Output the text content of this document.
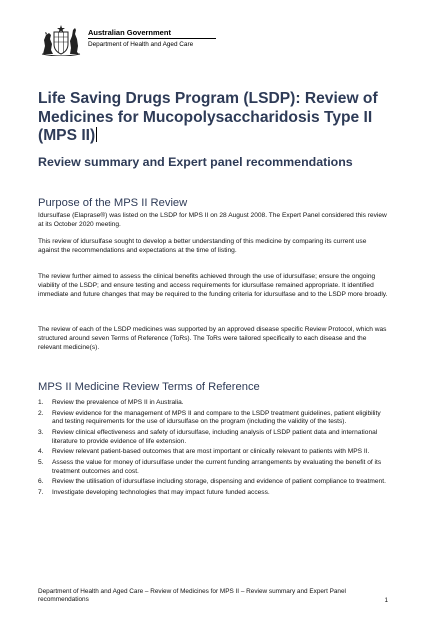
Australian Government
Department of Health and Aged Care
Life Saving Drugs Program (LSDP): Review of Medicines for Mucopolysaccharidosis Type II (MPS II)
Review summary and Expert panel recommendations
Purpose of the MPS II Review

Idursulfase (Elaprase®) was listed on the LSDP for MPS II on 28 August 2008. The Expert Panel considered this review at its October 2020 meeting.

This review of idursulfase sought to develop a better understanding of this medicine by comparing its current use against the recommendations and expectations at the time of listing.

The review further aimed to assess the clinical benefits achieved through the use of idursulfase; ensure the ongoing viability of the LSDP; and ensure testing and access requirements for idursulfase remained appropriate. It identified immediate and future changes that may be required to the funding criteria for idursulfase and to the LSDP more broadly.

The review of each of the LSDP medicines was supported by an approved disease specific Review Protocol, which was structured around seven Terms of Reference (ToRs). The ToRs were tailored specifically to each disease and the relevant medicine(s).

MPS II Medicine Review Terms of Reference
1. Review the prevalence of MPS II in Australia.
2. Review evidence for the management of MPS II and compare to the LSDP treatment guidelines, patient eligibility and testing requirements for the use of idursulfase on the program (including the validity of the tests).
3. Review clinical effectiveness and safety of idursulfase, including analysis of LSDP patient data and international literature to provide evidence of life extension.
4. Review relevant patient-based outcomes that are most important or clinically relevant to patients with MPS II.
5. Assess the value for money of idursulfase under the current funding arrangements by evaluating the benefit of its treatment outcomes and cost.
6. Review the utilisation of idursulfase including storage, dispensing and evidence of patient compliance to treatment.
7. Investigate developing technologies that may impact future funded access.
Department of Health and Aged Care – Review of Medicines for MPS II – Review summary and Expert Panel recommendations	1
